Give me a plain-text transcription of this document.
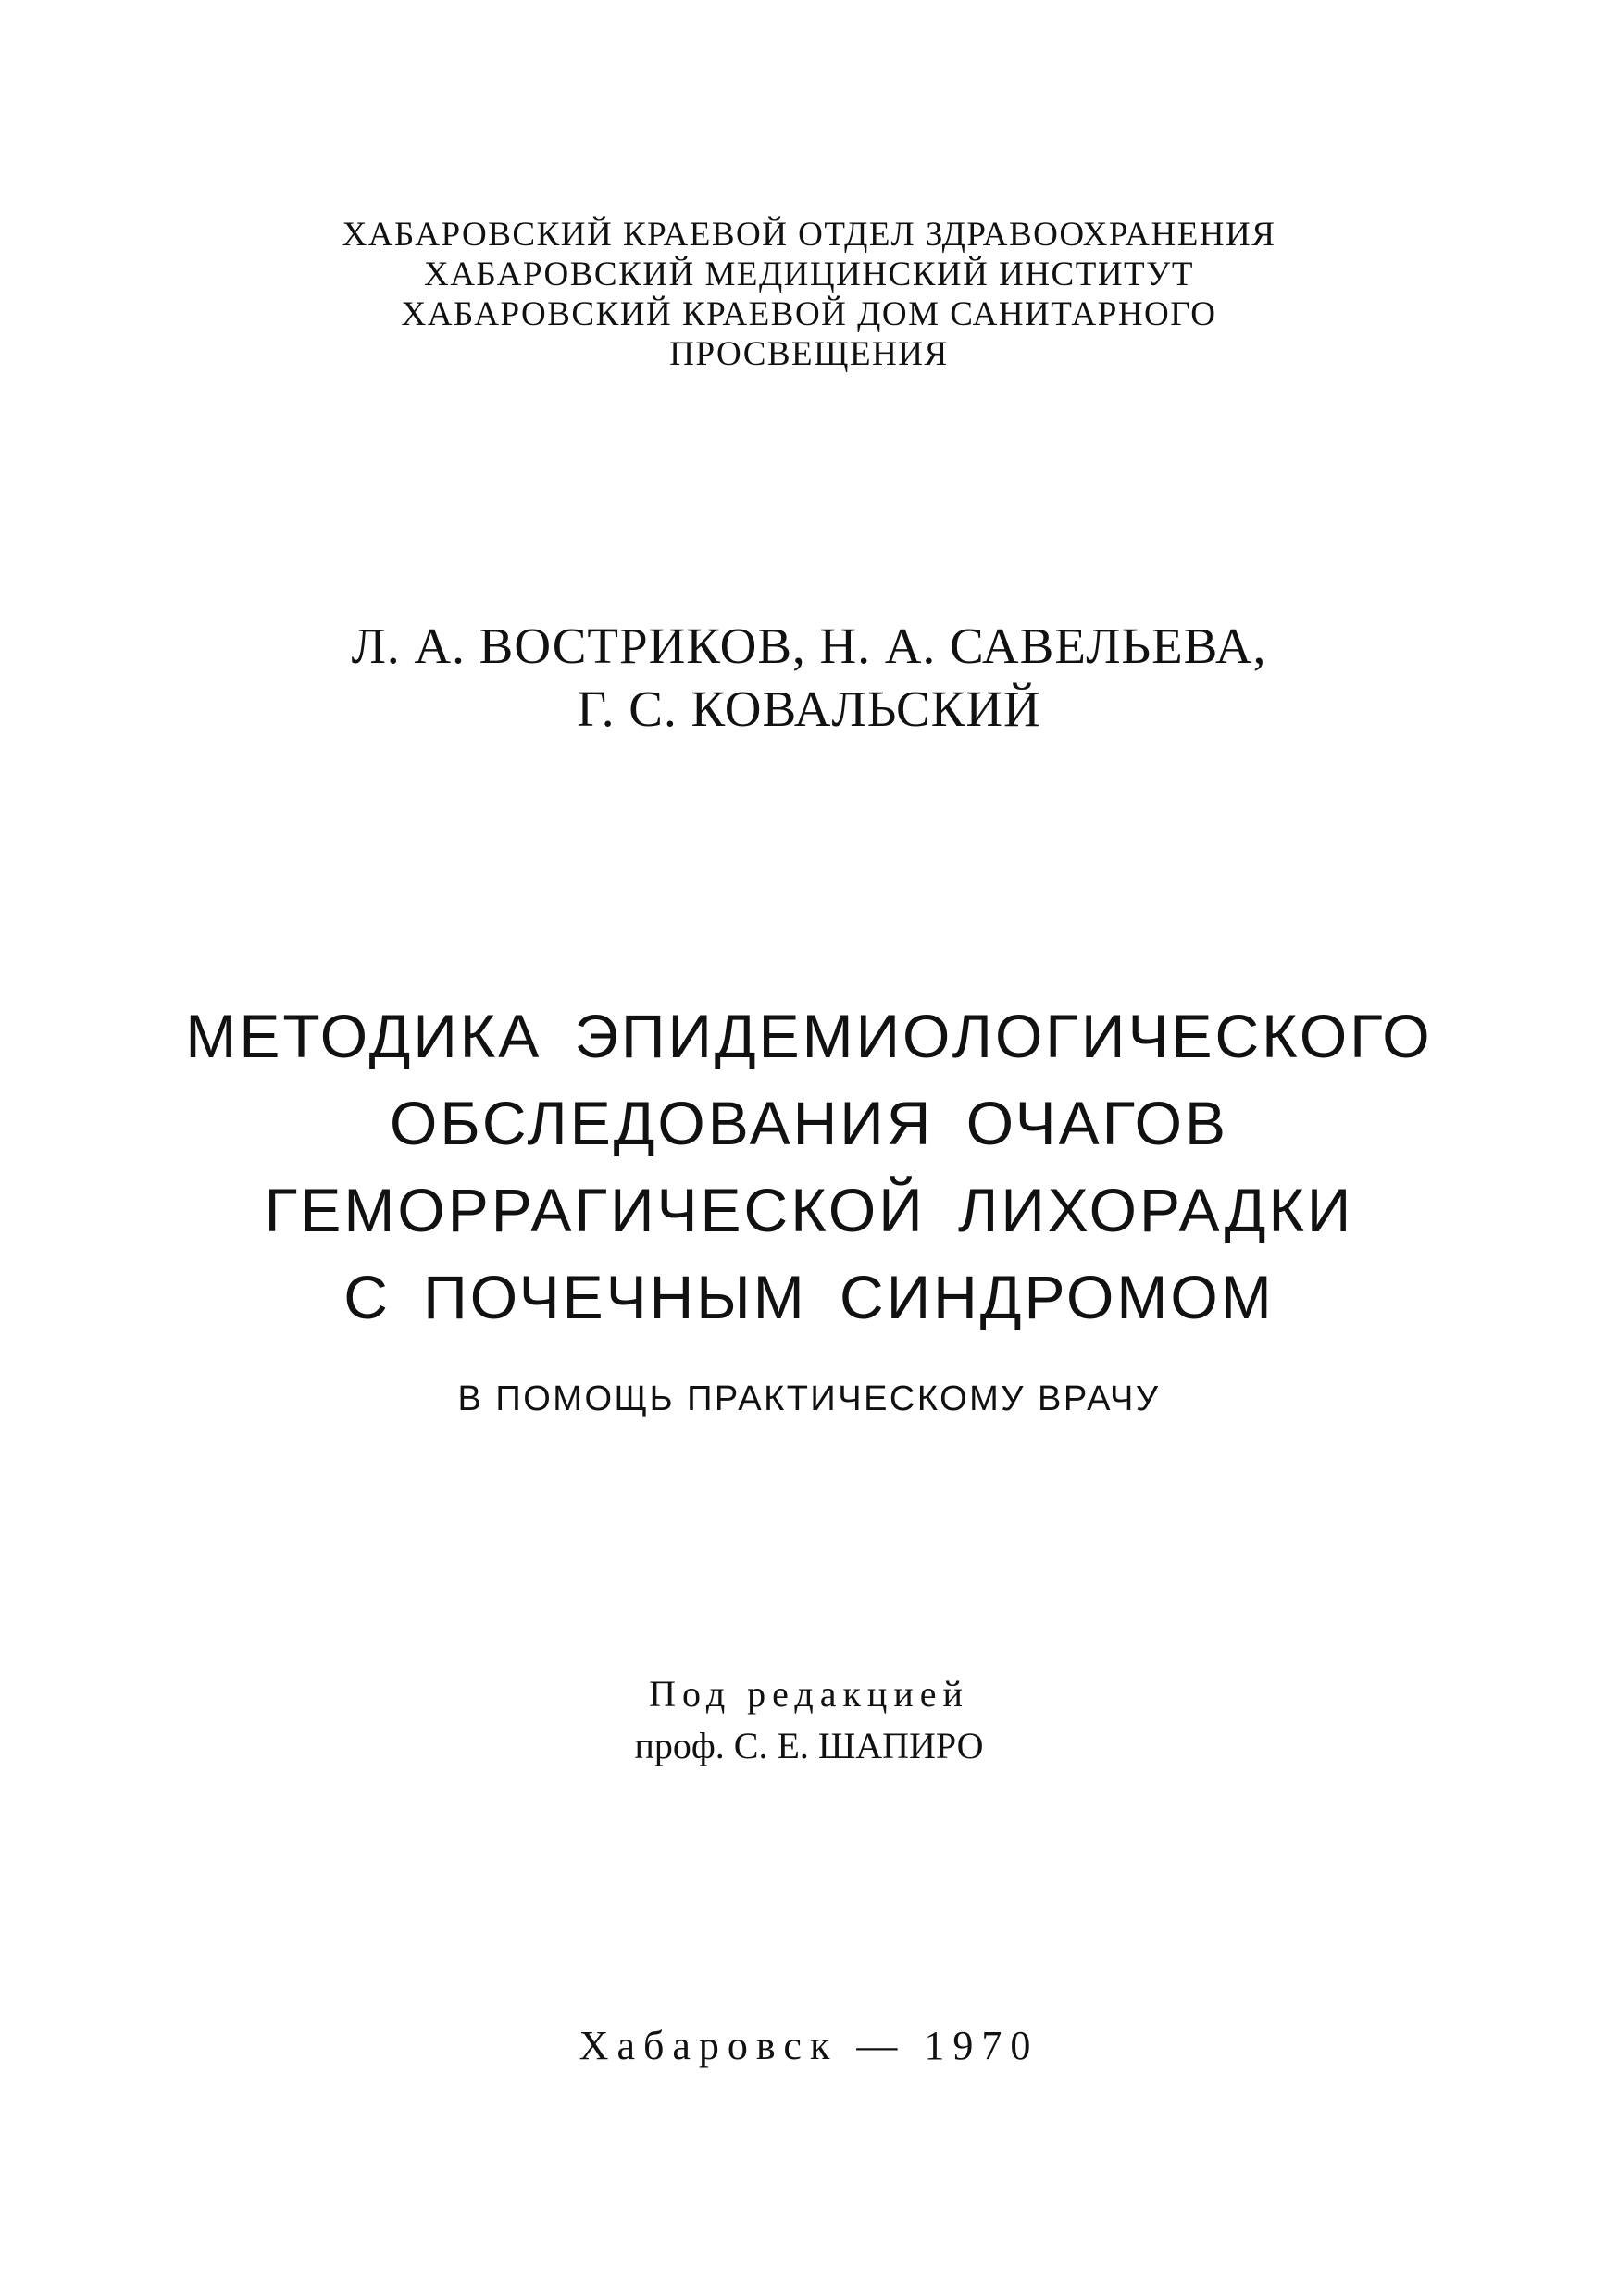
ХАБАРОВСКИЙ КРАЕВОЙ ОТДЕЛ ЗДРАВООХРАНЕНИЯ
ХАБАРОВСКИЙ МЕДИЦИНСКИЙ ИНСТИТУТ
ХАБАРОВСКИЙ КРАЕВОЙ ДОМ САНИТАРНОГО
ПРОСВЕЩЕНИЯ
Л. А. ВОСТРИКОВ, Н. А. САВЕЛЬЕВА,
Г. С. КОВАЛЬСКИЙ
МЕТОДИКА ЭПИДЕМИОЛОГИЧЕСКОГО
ОБСЛЕДОВАНИЯ ОЧАГОВ
ГЕМОРРАГИЧЕСКОЙ ЛИХОРАДКИ
С ПОЧЕЧНЫМ СИНДРОМОМ
В ПОМОЩЬ ПРАКТИЧЕСКОМУ ВРАЧУ
Под редакцией
проф. С. Е. ШАПИРО
Хабаровск — 1970
